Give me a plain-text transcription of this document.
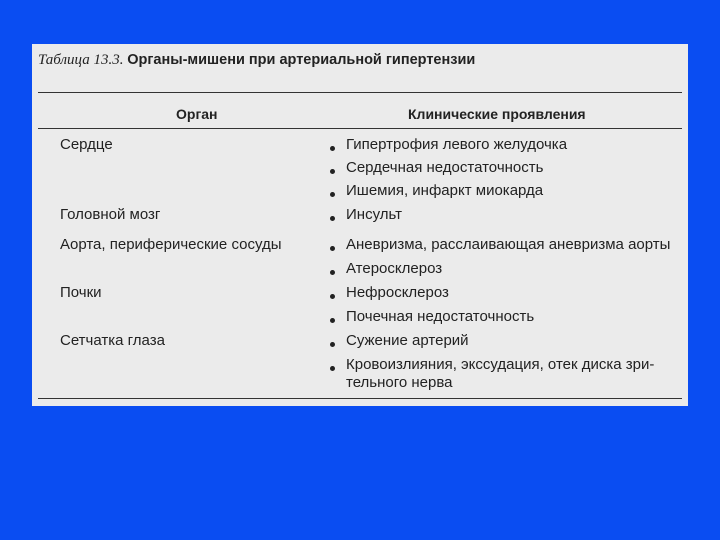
Таблица 13.3. Органы-мишени при артериальной гипертензии
Орган	Клинические проявления
Сердце
Головной мозг
Аорта, периферические сосуды
Почки
Сетчатка глаза
Гипертрофия левого желудочка
Сердечная недостаточность
Ишемия, инфаркт миокарда
Инсульт
Аневризма, расслаивающая аневризма аорты
Атеросклероз
Нефросклероз
Почечная недостаточность
Сужение артерий
Кровоизлияния, экссудация, отек диска зри-
тельного нерва
